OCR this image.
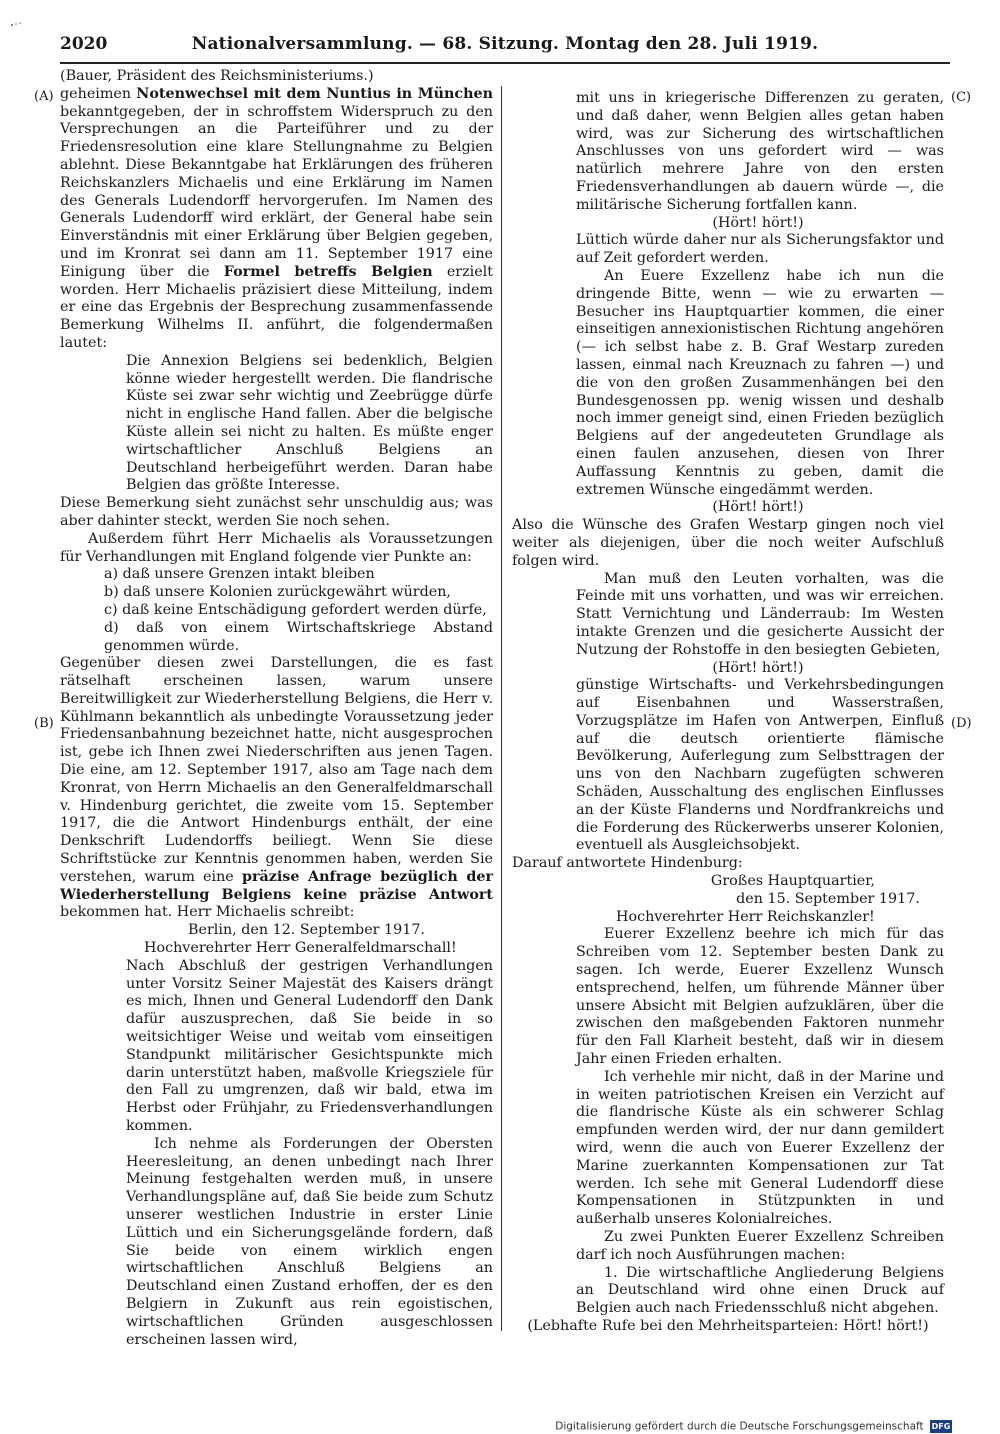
2020	Nationalversammlung. — 68. Sitzung. Montag den 28. Juli 1919.
(A)
(B)
(C)
(D)

(Bauer, Präsident des Reichsministeriums.)

geheimen Notenwechsel mit dem Nuntius in München bekanntgegeben, der in schroffstem Widerspruch zu den Versprechungen an die Parteiführer und zu der Friedensresolution eine klare Stellungnahme zu Belgien ablehnt. Diese Bekanntgabe hat Erklärungen des früheren Reichskanzlers Michaelis und eine Erklärung im Namen des Generals Ludendorff hervorgerufen. Im Namen des Generals Ludendorff wird erklärt, der General habe sein Einverständnis mit einer Erklärung über Belgien gegeben, und im Kronrat sei dann am 11. September 1917 eine Einigung über die Formel betreffs Belgien erzielt worden. Herr Michaelis präzisiert diese Mitteilung, indem er eine das Ergebnis der Besprechung zusammenfassende Bemerkung Wilhelms II. anführt, die folgendermaßen lautet:

Die Annexion Belgiens sei bedenklich, Belgien könne wieder hergestellt werden. Die flandrische Küste sei zwar sehr wichtig und Zeebrügge dürfe nicht in englische Hand fallen. Aber die belgische Küste allein sei nicht zu halten. Es müßte enger wirtschaftlicher Anschluß Belgiens an Deutschland herbeigeführt werden. Daran habe Belgien das größte Interesse.

Diese Bemerkung sieht zunächst sehr unschuldig aus; was aber dahinter steckt, werden Sie noch sehen.

Außerdem führt Herr Michaelis als Voraussetzungen für Verhandlungen mit England folgende vier Punkte an:

a) daß unsere Grenzen intakt bleiben
b) daß unsere Kolonien zurückgewährt würden,
c) daß keine Entschädigung gefordert werden dürfe,
d) daß von einem Wirtschaftskriege Abstand genommen würde.

Gegenüber diesen zwei Darstellungen, die es fast rätselhaft erscheinen lassen, warum unsere Bereitwilligkeit zur Wiederherstellung Belgiens, die Herr v. Kühlmann bekanntlich als unbedingte Voraussetzung jeder Friedensanbahnung bezeichnet hatte, nicht ausgesprochen ist, gebe ich Ihnen zwei Niederschriften aus jenen Tagen. Die eine, am 12. September 1917, also am Tage nach dem Kronrat, von Herrn Michaelis an den Generalfeldmarschall v. Hindenburg gerichtet, die zweite vom 15. September 1917, die die Antwort Hindenburgs enthält, der eine Denkschrift Ludendorffs beiliegt. Wenn Sie diese Schriftstücke zur Kenntnis genommen haben, werden Sie verstehen, warum eine präzise Anfrage bezüglich der Wiederherstellung Belgiens keine präzise Antwort bekommen hat. Herr Michaelis schreibt:

Berlin, den 12. September 1917.

Hochverehrter Herr Generalfeldmarschall!

Nach Abschluß der gestrigen Verhandlungen unter Vorsitz Seiner Majestät des Kaisers drängt es mich, Ihnen und General Ludendorff den Dank dafür auszusprechen, daß Sie beide in so weitsichtiger Weise und weitab vom einseitigen Standpunkt militärischer Gesichtspunkte mich darin unterstützt haben, maßvolle Kriegsziele für den Fall zu umgrenzen, daß wir bald, etwa im Herbst oder Frühjahr, zu Friedensverhandlungen kommen.

Ich nehme als Forderungen der Obersten Heeresleitung, an denen unbedingt nach Ihrer Meinung festgehalten werden muß, in unsere Verhandlungspläne auf, daß Sie beide zum Schutz unserer westlichen Industrie in erster Linie Lüttich und ein Sicherungsgelände fordern, daß Sie beide von einem wirklich engen wirtschaftlichen Anschluß Belgiens an Deutschland einen Zustand erhoffen, der es den Belgiern in Zukunft aus rein egoistischen, wirtschaftlichen Gründen ausgeschlossen erscheinen lassen wird,

mit uns in kriegerische Differenzen zu geraten, und daß daher, wenn Belgien alles getan haben wird, was zur Sicherung des wirtschaftlichen Anschlusses von uns gefordert wird — was natürlich mehrere Jahre von den ersten Friedensverhandlungen ab dauern würde —, die militärische Sicherung fortfallen kann.

(Hört! hört!)

Lüttich würde daher nur als Sicherungsfaktor und auf Zeit gefordert werden.

An Euere Exzellenz habe ich nun die dringende Bitte, wenn — wie zu erwarten — Besucher ins Hauptquartier kommen, die einer einseitigen annexionistischen Richtung angehören (— ich selbst habe z. B. Graf Westarp zureden lassen, einmal nach Kreuznach zu fahren —) und die von den großen Zusammenhängen bei den Bundesgenossen pp. wenig wissen und deshalb noch immer geneigt sind, einen Frieden bezüglich Belgiens auf der angedeuteten Grundlage als einen faulen anzusehen, diesen von Ihrer Auffassung Kenntnis zu geben, damit die extremen Wünsche eingedämmt werden.

(Hört! hört!)

Also die Wünsche des Grafen Westarp gingen noch viel weiter als diejenigen, über die noch weiter Aufschluß folgen wird.

Man muß den Leuten vorhalten, was die Feinde mit uns vorhatten, und was wir erreichen. Statt Vernichtung und Länderraub: Im Westen intakte Grenzen und die gesicherte Aussicht der Nutzung der Rohstoffe in den besiegten Gebieten,

(Hört! hört!)

günstige Wirtschafts- und Verkehrsbedingungen auf Eisenbahnen und Wasserstraßen, Vorzugsplätze im Hafen von Antwerpen, Einfluß auf die deutsch orientierte flämische Bevölkerung, Auferlegung zum Selbsttragen der uns von den Nachbarn zugefügten schweren Schäden, Ausschaltung des englischen Einflusses an der Küste Flanderns und Nordfrankreichs und die Forderung des Rückerwerbs unserer Kolonien, eventuell als Ausgleichsobjekt.

Darauf antwortete Hindenburg:

Großes Hauptquartier,

den 15. September 1917.

Hochverehrter Herr Reichskanzler!

Euerer Exzellenz beehre ich mich für das Schreiben vom 12. September besten Dank zu sagen. Ich werde, Euerer Exzellenz Wunsch entsprechend, helfen, um führende Männer über unsere Absicht mit Belgien aufzuklären, über die zwischen den maßgebenden Faktoren nunmehr für den Fall Klarheit besteht, daß wir in diesem Jahr einen Frieden erhalten.

Ich verhehle mir nicht, daß in der Marine und in weiten patriotischen Kreisen ein Verzicht auf die flandrische Küste als ein schwerer Schlag empfunden werden wird, der nur dann gemildert wird, wenn die auch von Euerer Exzellenz der Marine zuerkannten Kompensationen zur Tat werden. Ich sehe mit General Ludendorff diese Kompensationen in Stützpunkten in und außerhalb unseres Kolonialreiches.

Zu zwei Punkten Euerer Exzellenz Schreiben darf ich noch Ausführungen machen:

1. Die wirtschaftliche Angliederung Belgiens an Deutschland wird ohne einen Druck auf Belgien auch nach Friedensschluß nicht abgehen.

(Lebhafte Rufe bei den Mehrheitsparteien: Hört! hört!)

Digitalisierung gefördert durch die Deutsche Forschungsgemeinschaft DFG
